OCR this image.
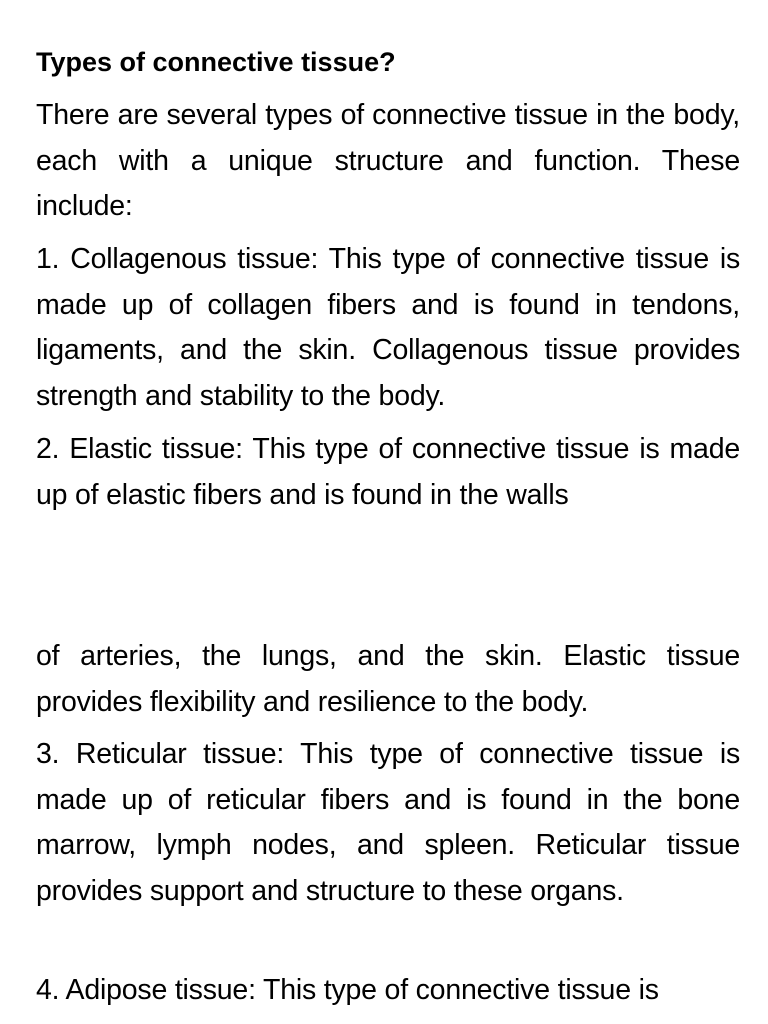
Types of connective tissue?

There are several types of connective tissue in the body, each with a unique structure and function. These include:

1. Collagenous tissue: This type of connective tissue is made up of collagen fibers and is found in tendons, ligaments, and the skin. Collagenous tissue provides strength and stability to the body.

2. Elastic tissue: This type of connective tissue is made up of elastic fibers and is found in the walls

of arteries, the lungs, and the skin. Elastic tissue provides flexibility and resilience to the body.

3. Reticular tissue: This type of connective tissue is made up of reticular fibers and is found in the bone marrow, lymph nodes, and spleen. Reticular tissue provides support and structure to these organs.

4. Adipose tissue: This type of connective tissue is
